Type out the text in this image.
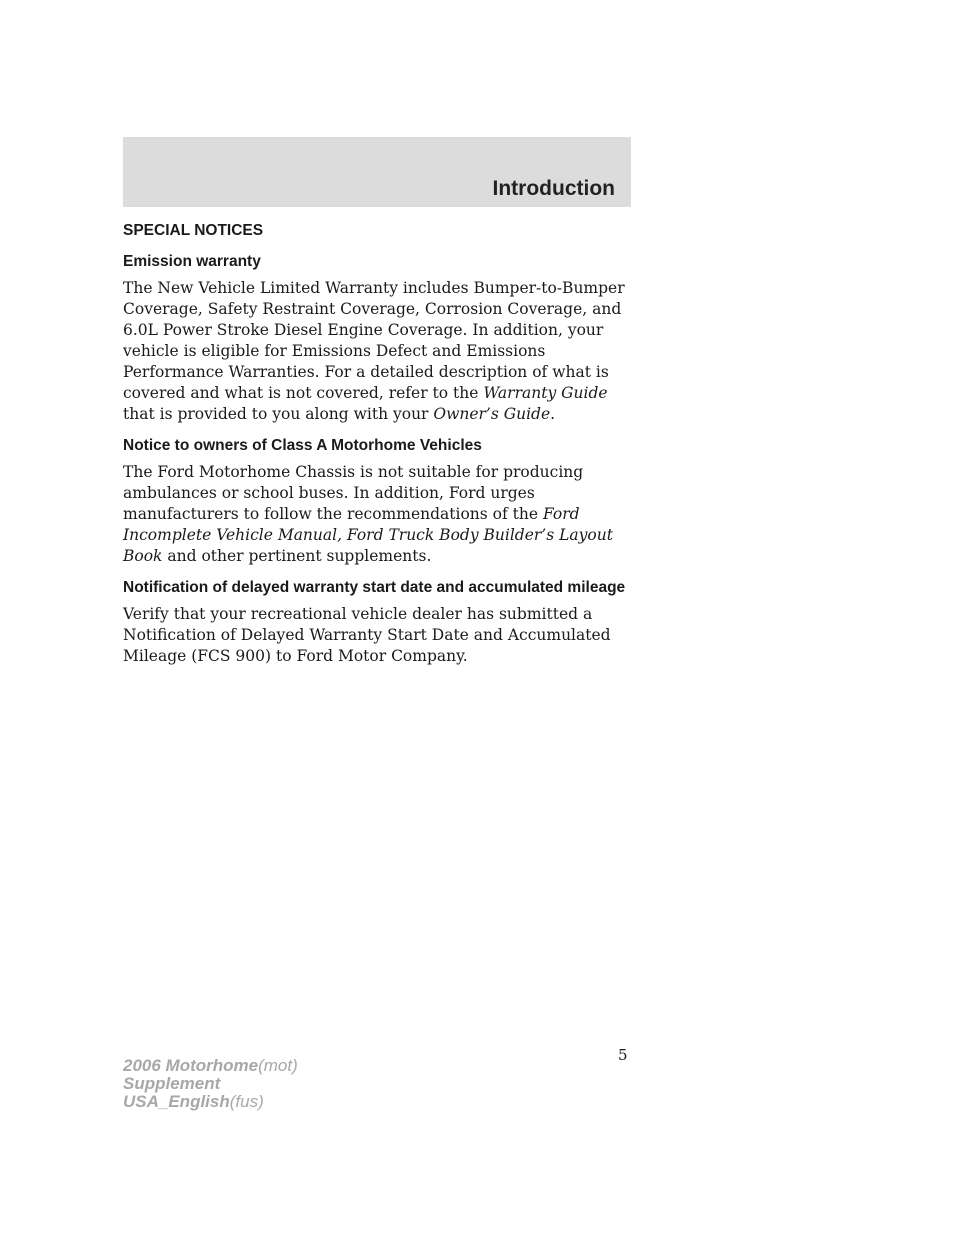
Introduction
SPECIAL NOTICES
Emission warranty

The New Vehicle Limited Warranty includes Bumper-to-Bumper Coverage, Safety Restraint Coverage, Corrosion Coverage, and 6.0L Power Stroke Diesel Engine Coverage. In addition, your vehicle is eligible for Emissions Defect and Emissions Performance Warranties. For a detailed description of what is covered and what is not covered, refer to the Warranty Guide that is provided to you along with your Owner’s Guide.

Notice to owners of Class A Motorhome Vehicles

The Ford Motorhome Chassis is not suitable for producing ambulances or school buses. In addition, Ford urges manufacturers to follow the recommendations of the Ford Incomplete Vehicle Manual, Ford Truck Body Builder’s Layout Book and other pertinent supplements.

Notification of delayed warranty start date and accumulated mileage

Verify that your recreational vehicle dealer has submitted a Notification of Delayed Warranty Start Date and Accumulated Mileage (FCS 900) to Ford Motor Company.

5
2006 Motorhome(mot)
Supplement
USA_English(fus)
